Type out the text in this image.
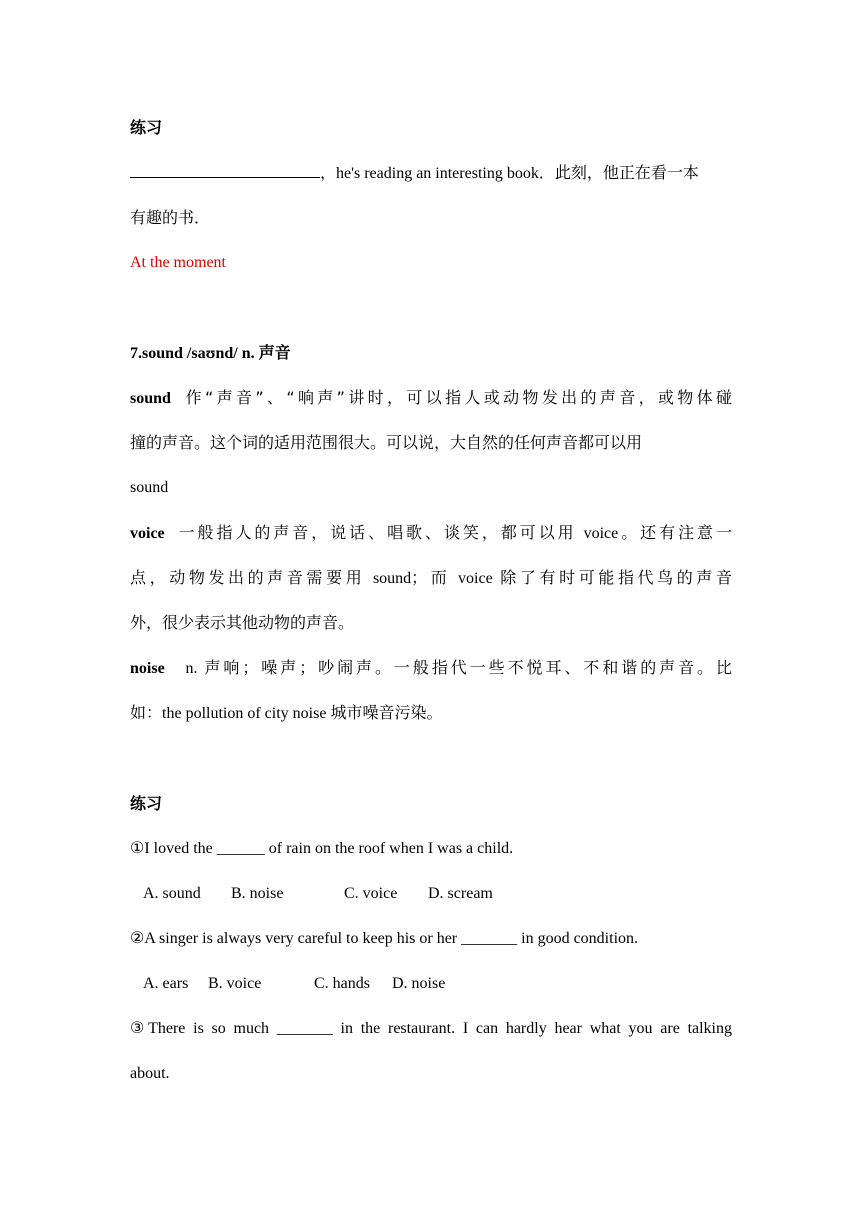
练习
，he's reading an interesting book．此刻，他正在看一本
有趣的书．
At the moment
7.sound /saʊnd/ n. 声音
sound 作“声音”、“响声”讲时，可以指人或动物发出的声音，或物体碰
撞的声音。这个词的适用范围很大。可以说，大自然的任何声音都可以用
sound
voice 一般指人的声音，说话、唱歌、谈笑，都可以用 voice。还有注意一
点，动物发出的声音需要用 sound；而 voice 除了有时可能指代鸟的声音
外，很少表示其他动物的声音。
noise n. 声响；噪声；吵闹声。一般指代一些不悦耳、不和谐的声音。比
如：the pollution of city noise 城市噪音污染。
练习
①I loved the ______ of rain on the roof when I was a child.
A. sound B. noise	C. voice D. scream
②A singer is always very careful to keep his or her _______ in good condition.
A. ears B. voice	C. hands D. noise
③There is so much _______ in the restaurant. I can hardly hear what you are talking
about.
